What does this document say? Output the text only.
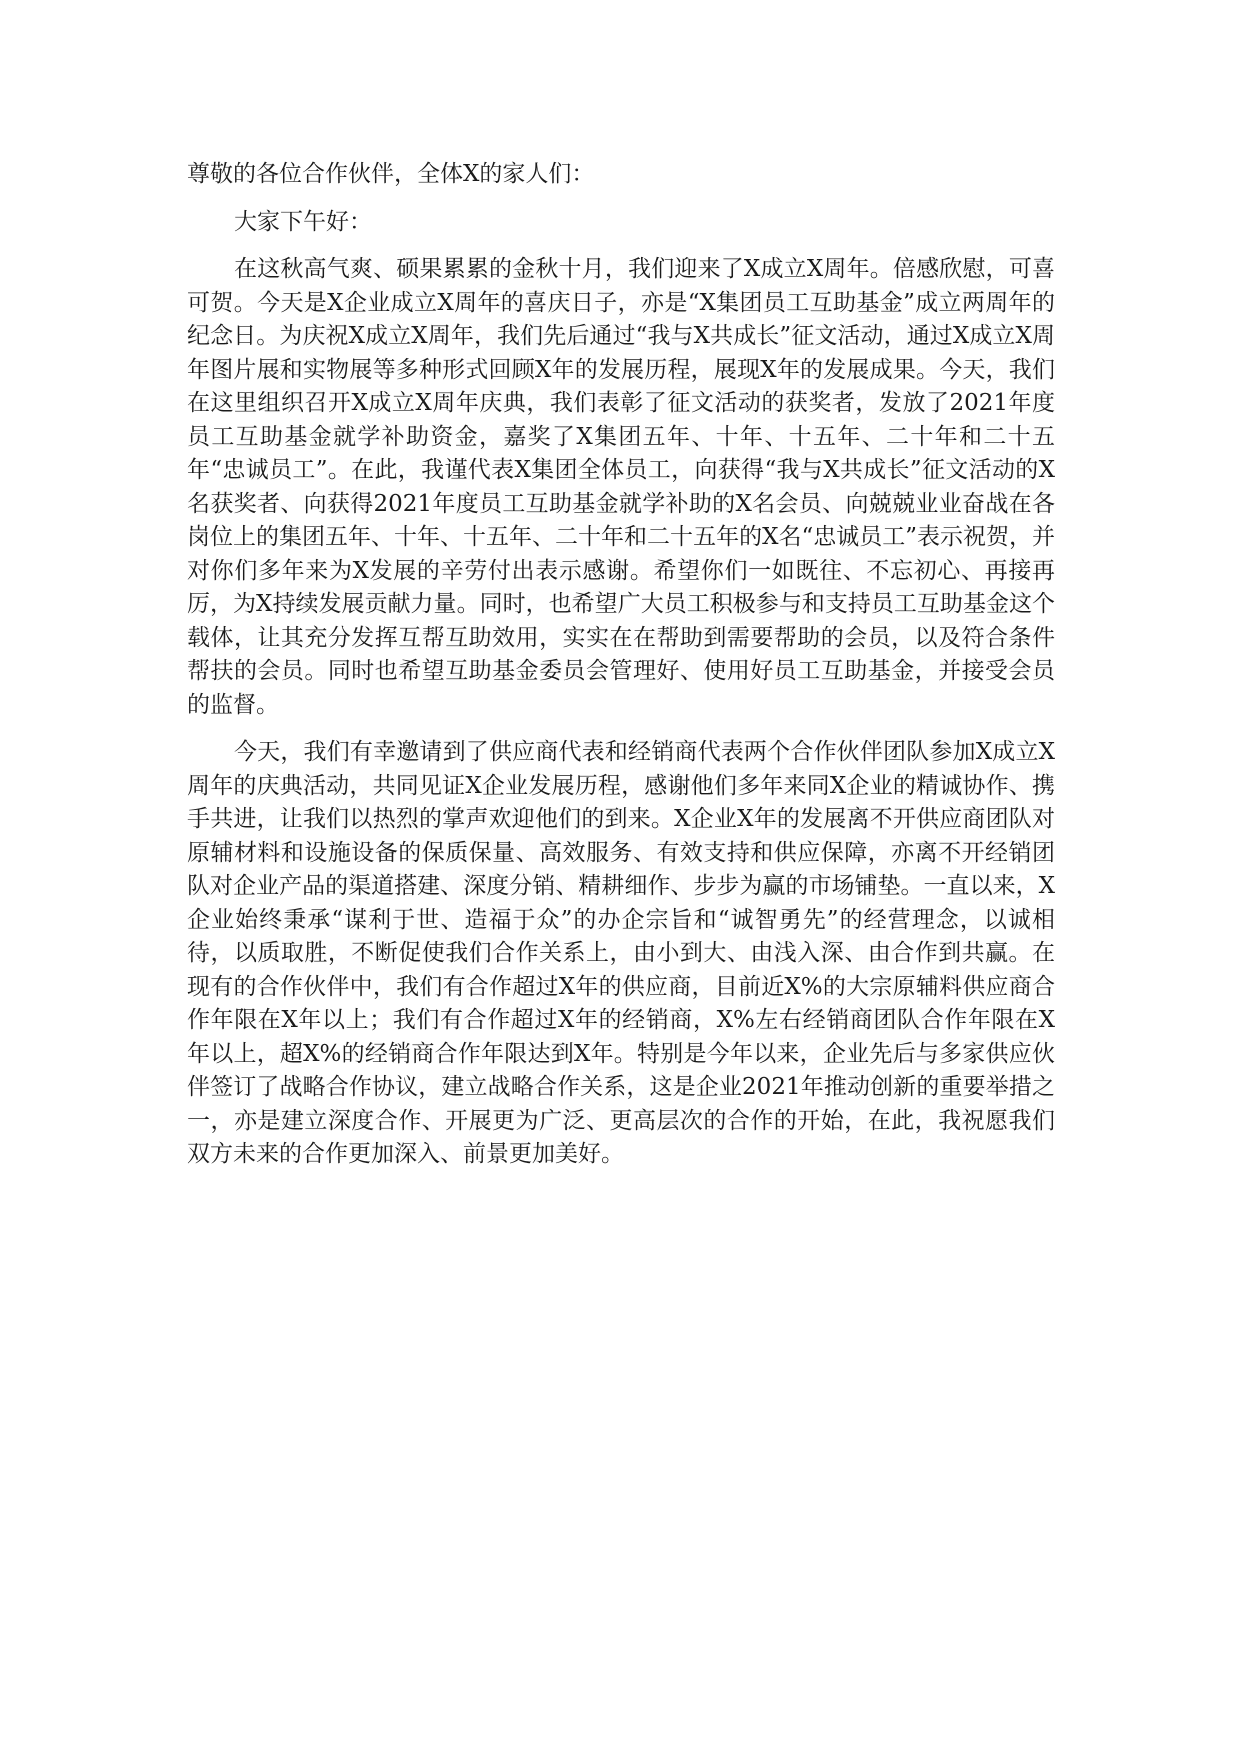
尊敬的各位合作伙伴，全体X的家人们：

大家下午好：

在这秋高气爽、硕果累累的金秋十月，我们迎来了X成立X周年。倍感欣慰，可喜可贺。今天是X企业成立X周年的喜庆日子，亦是“X集团员工互助基金”成立两周年的纪念日。为庆祝X成立X周年，我们先后通过“我与X共成长”征文活动，通过X成立X周年图片展和实物展等多种形式回顾X年的发展历程，展现X年的发展成果。今天，我们在这里组织召开X成立X周年庆典，我们表彰了征文活动的获奖者，发放了2021年度员工互助基金就学补助资金，嘉奖了X集团五年、十年、十五年、二十年和二十五年“忠诚员工”。在此，我谨代表X集团全体员工，向获得“我与X共成长”征文活动的X名获奖者、向获得2021年度员工互助基金就学补助的X名会员、向兢兢业业奋战在各岗位上的集团五年、十年、十五年、二十年和二十五年的X名“忠诚员工”表示祝贺，并对你们多年来为X发展的辛劳付出表示感谢。希望你们一如既往、不忘初心、再接再厉，为X持续发展贡献力量。同时，也希望广大员工积极参与和支持员工互助基金这个载体，让其充分发挥互帮互助效用，实实在在帮助到需要帮助的会员，以及符合条件帮扶的会员。同时也希望互助基金委员会管理好、使用好员工互助基金，并接受会员的监督。

今天，我们有幸邀请到了供应商代表和经销商代表两个合作伙伴团队参加X成立X周年的庆典活动，共同见证X企业发展历程，感谢他们多年来同X企业的精诚协作、携手共进，让我们以热烈的掌声欢迎他们的到来。X企业X年的发展离不开供应商团队对原辅材料和设施设备的保质保量、高效服务、有效支持和供应保障，亦离不开经销团队对企业产品的渠道搭建、深度分销、精耕细作、步步为赢的市场铺垫。一直以来，X企业始终秉承“谋利于世、造福于众”的办企宗旨和“诚智勇先”的经营理念，以诚相待，以质取胜，不断促使我们合作关系上，由小到大、由浅入深、由合作到共赢。在现有的合作伙伴中，我们有合作超过X年的供应商，目前近X%的大宗原辅料供应商合作年限在X年以上；我们有合作超过X年的经销商，X%左右经销商团队合作年限在X年以上，超X%的经销商合作年限达到X年。特别是今年以来，企业先后与多家供应伙伴签订了战略合作协议，建立战略合作关系，这是企业2021年推动创新的重要举措之一，亦是建立深度合作、开展更为广泛、更高层次的合作的开始，在此，我祝愿我们双方未来的合作更加深入、前景更加美好。
